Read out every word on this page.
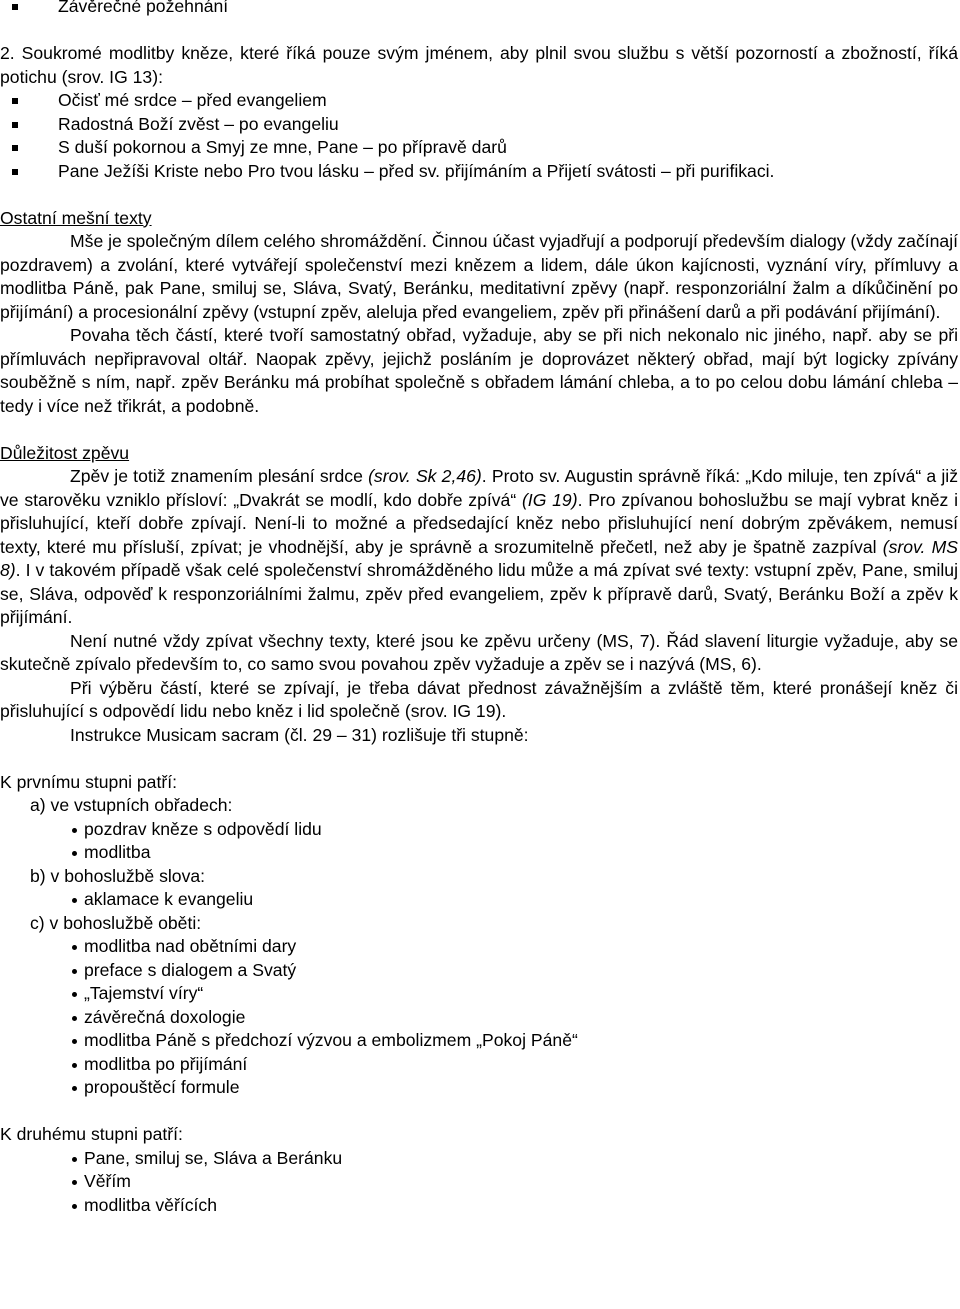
Závěrečné požehnání
2. Soukromé modlitby kněze, které říká pouze svým jménem, aby plnil svou službu s větší pozorností a zbožností, říká potichu (srov. IG 13):
Očisť mé srdce – před evangeliem
Radostná Boží zvěst – po evangeliu
S duší pokornou a Smyj ze mne, Pane – po přípravě darů
Pane Ježíši Kriste nebo Pro tvou lásku – před sv. přijímáním a Přijetí svátosti – při purifikaci.
Ostatní mešní texty
Mše je společným dílem celého shromáždění. Činnou účast vyjadřují a podporují především dialogy (vždy začínají pozdravem) a zvolání, které vytvářejí společenství mezi knězem a lidem, dále úkon kajícnosti, vyznání víry, přímluvy a modlitba Páně, pak Pane, smiluj se, Sláva, Svatý, Beránku, meditativní zpěvy (např. responzoriální žalm a díkůčinění po přijímání) a procesionální zpěvy (vstupní zpěv, aleluja před evangeliem, zpěv při přinášení darů a při podávání přijímání).
Povaha těch částí, které tvoří samostatný obřad, vyžaduje, aby se při nich nekonalo nic jiného, např. aby se při přímluvách nepřipravoval oltář. Naopak zpěvy, jejichž posláním je doprovázet některý obřad, mají být logicky zpívány souběžně s ním, např. zpěv Beránku má probíhat společně s obřadem lámání chleba, a to po celou dobu lámání chleba – tedy i více než třikrát, a podobně.
Důležitost zpěvu
Zpěv je totiž znamením plesání srdce (srov. Sk 2,46). Proto sv. Augustin správně říká: „Kdo miluje, ten zpívá“ a již ve starověku vzniklo přísloví: „Dvakrát se modlí, kdo dobře zpívá“ (IG 19). Pro zpívanou bohoslužbu se mají vybrat kněz i přisluhující, kteří dobře zpívají. Není-li to možné a předsedající kněz nebo přisluhující není dobrým zpěvákem, nemusí texty, které mu přísluší, zpívat; je vhodnější, aby je správně a srozumitelně přečetl, než aby je špatně zazpíval (srov. MS 8). I v takovém případě však celé společenství shromážděného lidu může a má zpívat své texty: vstupní zpěv, Pane, smiluj se, Sláva, odpověď k responzoriálními žalmu, zpěv před evangeliem, zpěv k přípravě darů, Svatý, Beránku Boží a zpěv k přijímání.
Není nutné vždy zpívat všechny texty, které jsou ke zpěvu určeny (MS, 7). Řád slavení liturgie vyžaduje, aby se skutečně zpívalo především to, co samo svou povahou zpěv vyžaduje a zpěv se i nazývá (MS, 6).
Při výběru částí, které se zpívají, je třeba dávat přednost závažnějším a zvláště těm, které pronášejí kněz či přisluhující s odpovědí lidu nebo kněz i lid společně (srov. IG 19).
Instrukce Musicam sacram (čl. 29 – 31) rozlišuje tři stupně:
K prvnímu stupni patří:
a) ve vstupních obřadech:
pozdrav kněze s odpovědí lidu
modlitba
b) v bohoslužbě slova:
aklamace k evangeliu
c) v bohoslužbě oběti:
modlitba nad obětními dary
preface s dialogem a Svatý
„Tajemství víry“
závěrečná doxologie
modlitba Páně s předchozí výzvou a embolizmem „Pokoj Páně“
modlitba po přijímání
propouštěcí formule
K druhému stupni patří:
Pane, smiluj se, Sláva a Beránku
Věřím
modlitba věřících
